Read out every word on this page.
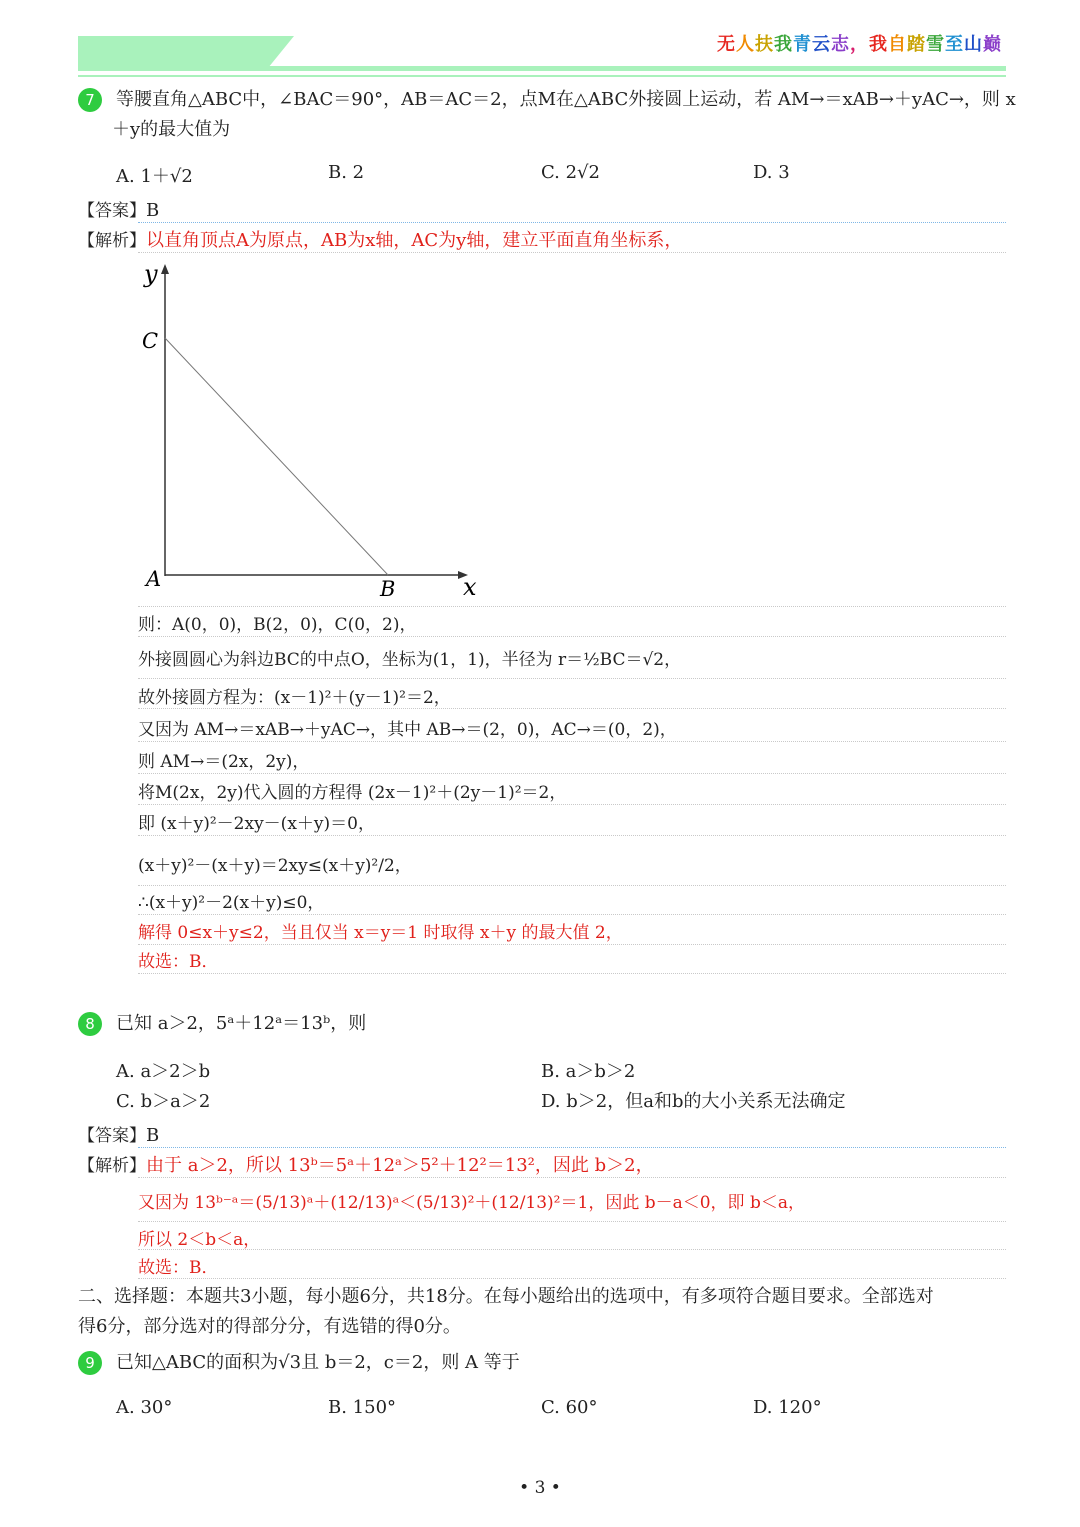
无人扶我青云志，我自踏雪至山巅
7 等腰直角△ABC中，∠BAC＝90°，AB＝AC＝2，点M在△ABC外接圆上运动，若 AM→＝xAB→＋yAC→，则 x
＋y的最大值为
A. 1＋√2	B. 2	C. 2√2	D. 3
【答案】B
【解析】以直角顶点A为原点，AB为x轴，AC为y轴，建立平面直角坐标系，
y
C
A	B	x
则：A(0，0)，B(2，0)，C(0，2)，
外接圆圆心为斜边BC的中点O，坐标为(1，1)，半径为 r＝½BC＝√2，
故外接圆方程为：(x－1)²＋(y－1)²＝2，
又因为 AM→＝xAB→＋yAC→，其中 AB→＝(2，0)，AC→＝(0，2)，
则 AM→＝(2x，2y)，
将M(2x，2y)代入圆的方程得 (2x－1)²＋(2y－1)²＝2，
即 (x＋y)²－2xy－(x＋y)＝0，
(x＋y)²－(x＋y)＝2xy≤(x＋y)²/2，
∴(x＋y)²－2(x＋y)≤0，
解得 0≤x＋y≤2，当且仅当 x＝y＝1 时取得 x＋y 的最大值 2，
故选：B．
8 已知 a＞2，5ᵃ＋12ᵃ＝13ᵇ，则
A. a＞2＞b	B. a＞b＞2
C. b＞a＞2	D. b＞2，但a和b的大小关系无法确定
【答案】B
【解析】由于 a＞2，所以 13ᵇ＝5ᵃ＋12ᵃ＞5²＋12²＝13²，因此 b＞2，
又因为 13ᵇ⁻ᵃ＝(5/13)ᵃ＋(12/13)ᵃ＜(5/13)²＋(12/13)²＝1，因此 b－a＜0，即 b＜a，
所以 2＜b＜a，
故选：B．
二、选择题：本题共3小题，每小题6分，共18分。在每小题给出的选项中，有多项符合题目要求。全部选对
得6分，部分选对的得部分分，有选错的得0分。
9 已知△ABC的面积为√3且 b＝2，c＝2，则 A 等于
A. 30°	B. 150°	C. 60°	D. 120°
• 3 •
